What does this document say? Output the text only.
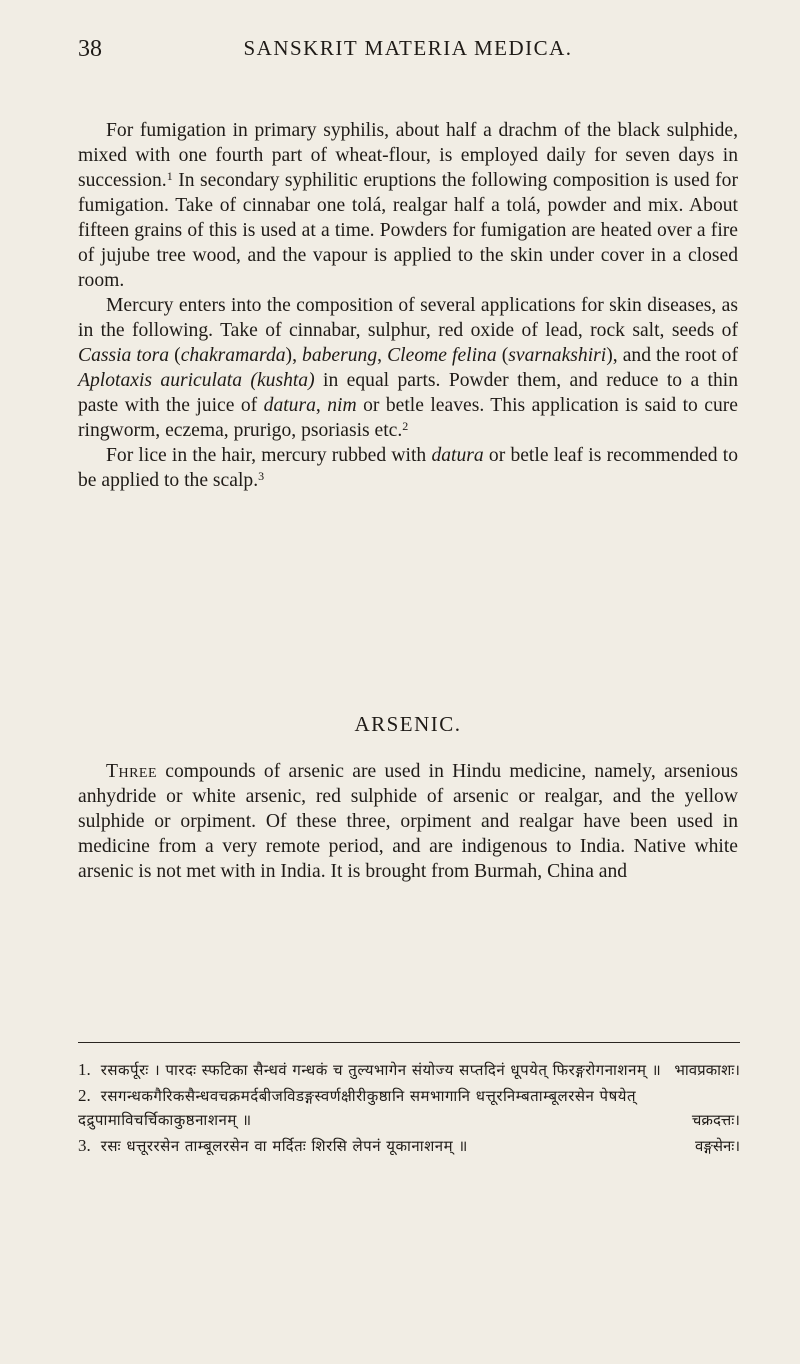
38	SANSKRIT MATERIA MEDICA.

For fumigation in primary syphilis, about half a drachm of the black sulphide, mixed with one fourth part of wheat-flour, is employed daily for seven days in succession.$^1$ In secondary syphilitic eruptions the following composition is used for fumigation. Take of cinnabar one tolá, realgar half a tolá, powder and mix. About fifteen grains of this is used at a time. Powders for fumigation are heated over a fire of jujube tree wood, and the vapour is applied to the skin under cover in a closed room.

Mercury enters into the composition of several applications for skin diseases, as in the following. Take of cinnabar, sulphur, red oxide of lead, rock salt, seeds of Cassia tora (chakramarda), baberung, Cleome felina (svarnakshiri), and the root of Aplotaxis auriculata (kushta) in equal parts. Powder them, and reduce to a thin paste with the juice of datura, nim or betle leaves. This application is said to cure ringworm, eczema, prurigo, psoriasis etc.$^2$

For lice in the hair, mercury rubbed with datura or betle leaf is recommended to be applied to the scalp.$^3$

ARSENIC.

Three compounds of arsenic are used in Hindu medicine, namely, arsenious anhydride or white arsenic, red sulphide of arsenic or realgar, and the yellow sulphide or orpiment. Of these three, orpiment and realgar have been used in medicine from a very remote period, and are indigenous to India. Native white arsenic is not met with in India. It is brought from Burmah, China and

1. रसकर्पूरः । पारदः स्फटिका सैन्धवं गन्धकं च तुल्यभागेन संयोज्य सप्तदिनं धूपयेत् फिरङ्गरोगनाशनम् ॥ भावप्रकाशः।
2. रसगन्धकगैरिकसैन्धवचक्रमर्दबीजविडङ्गस्वर्णक्षीरीकुष्ठानि समभागानि धत्तूरनिम्बताम्बूलरसेन पेषयेत् दद्रुपामाविचर्चिकाकुष्ठनाशनम् ॥	चक्रदत्तः।
3. रसः धत्तूररसेन ताम्बूलरसेन वा मर्दितः शिरसि लेपनं यूकानाशनम् ॥	वङ्गसेनः।
